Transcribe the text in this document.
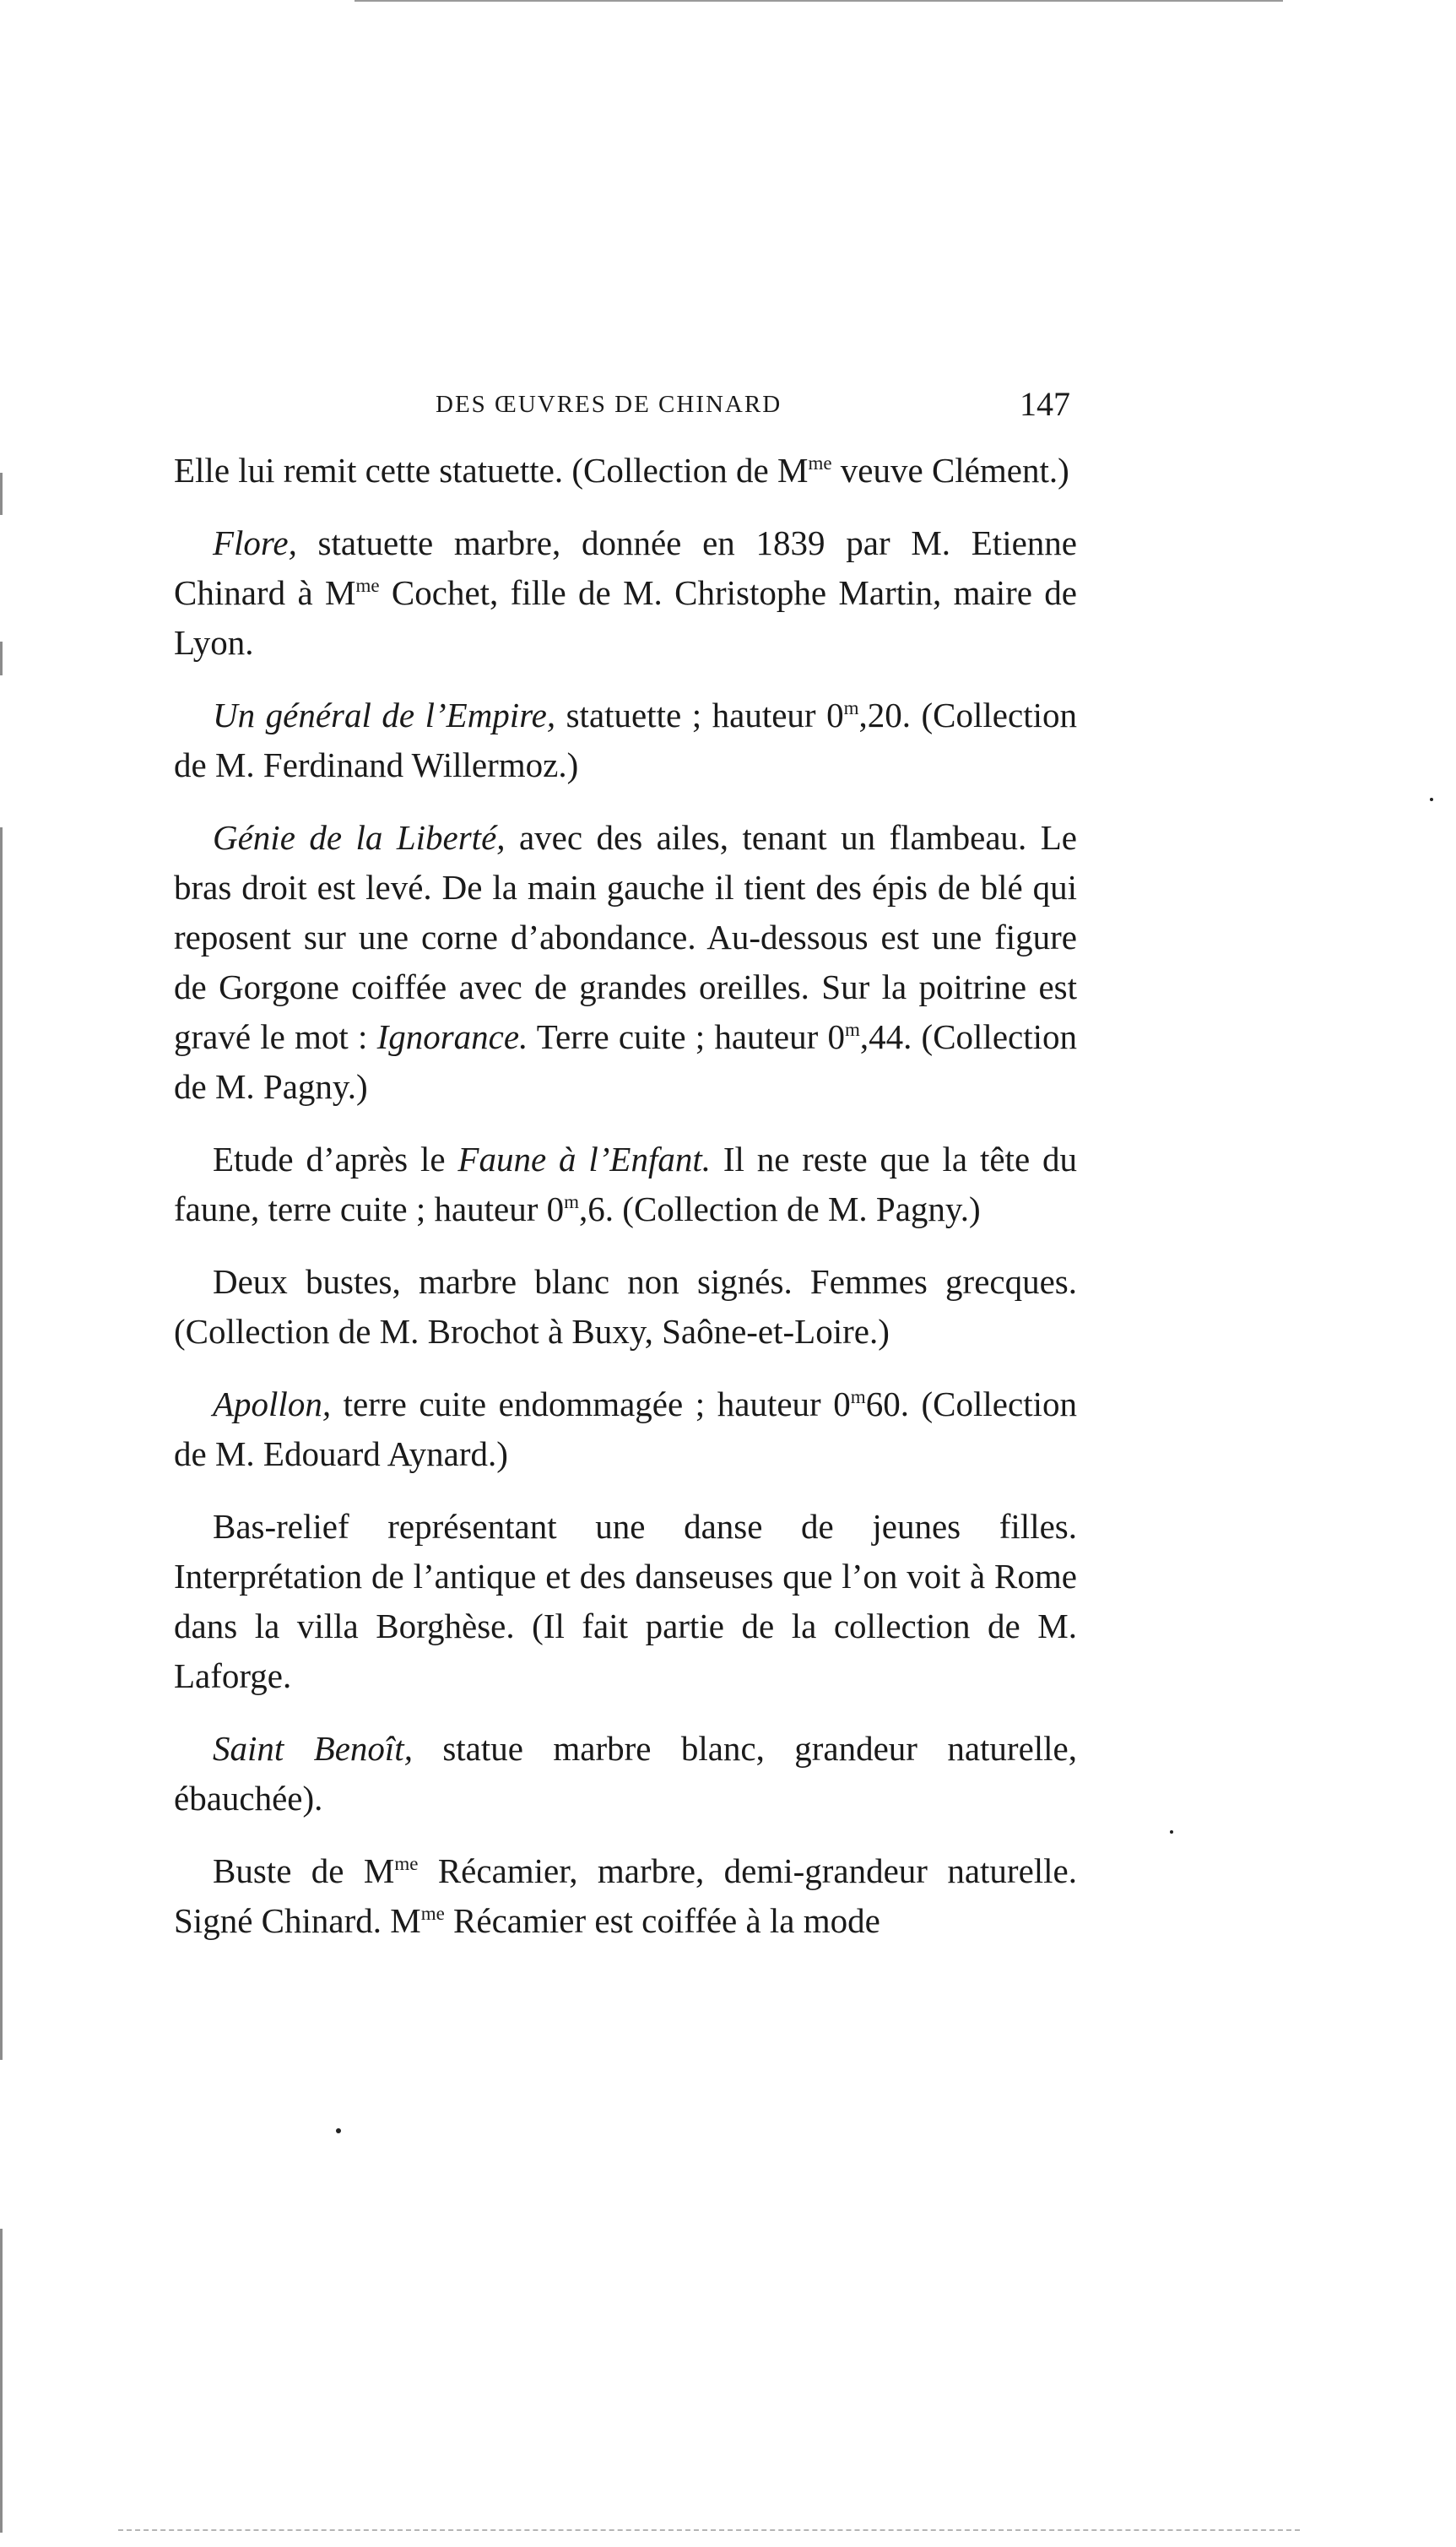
DES ŒUVRES DE CHINARD	147

Elle lui remit cette statuette. (Collection de $M^{me}$ veuve Clément.)

Flore, statuette marbre, donnée en 1839 par M. Etienne Chinard à $M^{me}$ Cochet, fille de M. Christophe Martin, maire de Lyon.

Un général de l’Empire, statuette ; hauteur 0$^m$,20. (Collection de M. Ferdinand Willermoz.)

Génie de la Liberté, avec des ailes, tenant un flambeau. Le bras droit est levé. De la main gauche il tient des épis de blé qui reposent sur une corne d’abondance. Au-dessous est une figure de Gorgone coiffée avec de grandes oreilles. Sur la poitrine est gravé le mot : Ignorance. Terre cuite ; hauteur 0$^m$,44. (Collection de M. Pagny.)

Etude d’après le Faune à l’Enfant. Il ne reste que la tête du faune, terre cuite ; hauteur 0$^m$,6. (Collection de M. Pagny.)

Deux bustes, marbre blanc non signés. Femmes grecques. (Collection de M. Brochot à Buxy, Saône-et-Loire.)

Apollon, terre cuite endommagée ; hauteur 0$^m$60. (Collection de M. Edouard Aynard.)

Bas-relief représentant une danse de jeunes filles. Interprétation de l’antique et des danseuses que l’on voit à Rome dans la villa Borghèse. (Il fait partie de la collection de M. Laforge.

Saint Benoît, statue marbre blanc, grandeur naturelle, ébauchée).

Buste de $M^{me}$ Récamier, marbre, demi-grandeur naturelle. Signé Chinard. $M^{me}$ Récamier est coiffée à la mode
